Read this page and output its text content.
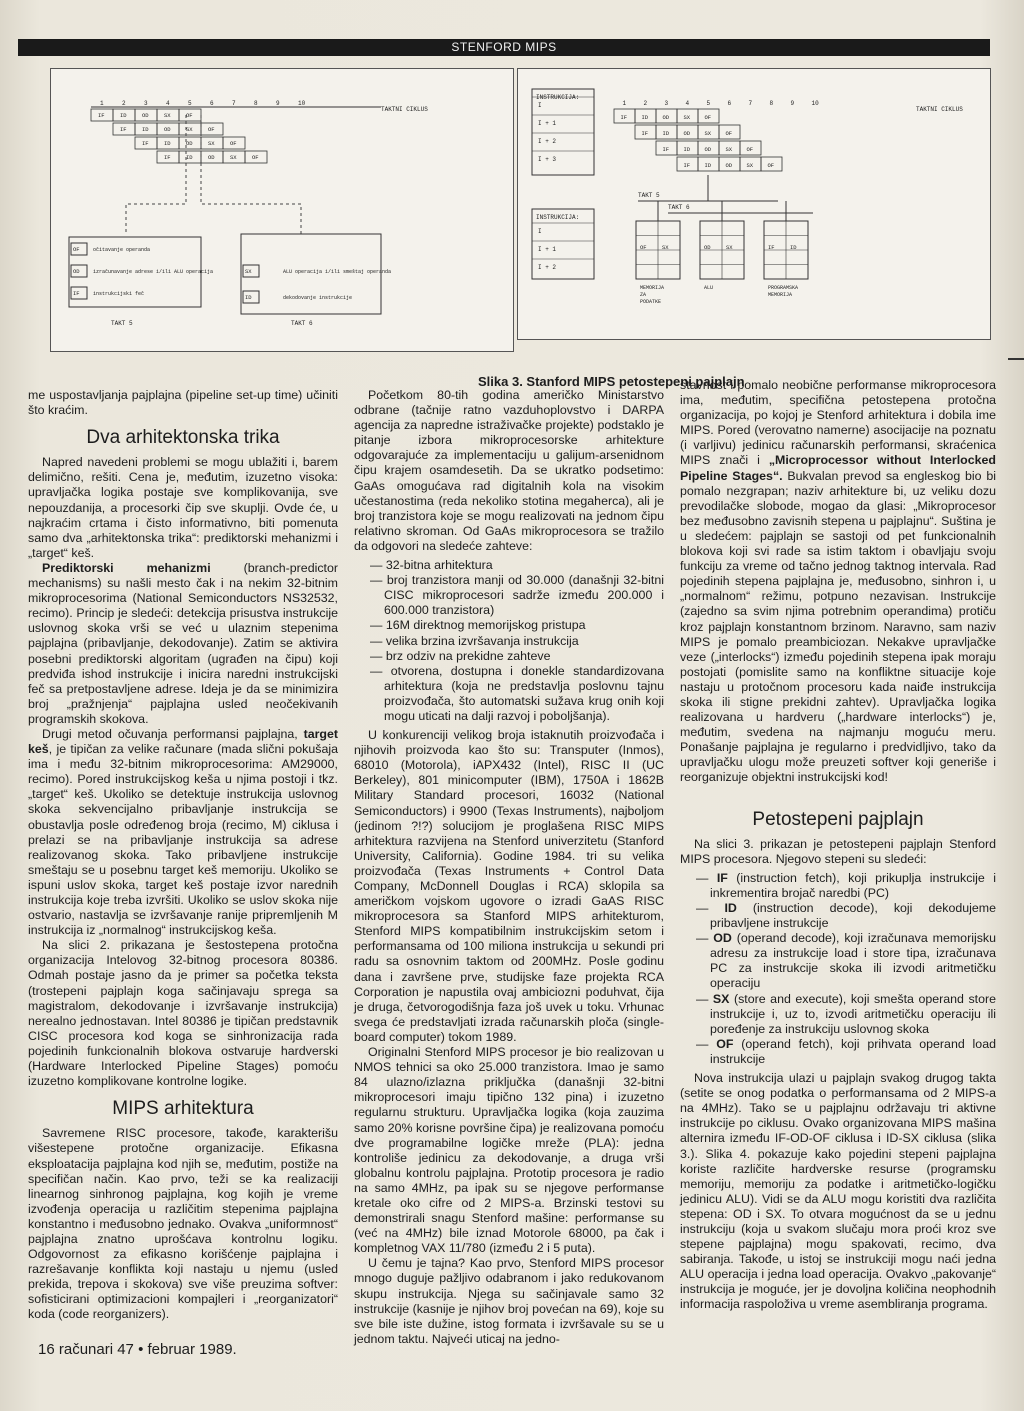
STENFORD MIPS
1	2	3	4	5	6	7	8	9	10
IF	ID	OD	SX	OF
IF	ID	OD	SX	OF
IF	ID	OD	SX	OF
IF	ID	OD	SX	OF
TAKTNI CIKLUS
OF	očitavanje operanda
OD	izračunavanje adrese i/ili ALU operacija
IF	instrukcijski feč
SX	ALU operacija i/ili smeštaj operanda
ID	dekodovanje instrukcije
TAKT 5	TAKT 6
INSTRUKCIJA:
I
I + 1
I + 2
I + 3
1	2	3	4	5	6	7	8	9	10
IF	ID	OD	SX	OF
IF	ID	OD	SX	OF
IF	ID	OD	SX	OF
IF	ID	OD	SX	OF
TAKTNI CIKLUS
TAKT 5
TAKT 6
INSTRUKCIJA:
I
I + 1
I + 2
OF	SX
MEMORIJA
ZA
PODATKE
OD	SX
ALU
IF	ID
PROGRAMSKA
MEMORIJA
Slika 3. Stanford MIPS petostepeni pajplajn

me uspostavljanja pajplajna (pipeline set-up time) učiniti što kraćim.

Dva arhitektonska trika

Napred navedeni problemi se mogu ublažiti i, barem delimično, rešiti. Cena je, međutim, izuzetno visoka: upravljačka logika postaje sve komplikovanija, sve nepouzdanija, a procesorki čip sve skuplji. Ovde će, u najkraćim crtama i čisto informativno, biti pomenuta samo dva „arhitektonska trika“: prediktorski mehanizmi i „target“ keš.

Prediktorski mehanizmi (branch-predictor mechanisms) su našli mesto čak i na nekim 32-bitnim mikroprocesorima (National Semiconductors NS32532, recimo). Princip je sledeći: detekcija prisustva instrukcije uslovnog skoka vrši se već u ulaznim stepenima pajplajna (pribavljanje, dekodovanje). Zatim se aktivira posebni prediktorski algoritam (ugrađen na čipu) koji predviđa ishod instrukcije i inicira naredni instrukcijski feč sa pretpostavljene adrese. Ideja je da se minimizira broj „pražnjenja“ pajplajna usled neočekivanih programskih skokova.

Drugi metod očuvanja performansi pajplajna, target keš, je tipičan za velike računare (mada slični pokušaja ima i među 32-bitnim mikroprocesorima: AM29000, recimo). Pored instrukcijskog keša u njima postoji i tkz. „target“ keš. Ukoliko se detektuje instrukcija uslovnog skoka sekvencijalno pribavljanje instrukcija se obustavlja posle određenog broja (recimo, M) ciklusa i prelazi se na pribavljanje instrukcija sa adrese realizovanog skoka. Tako pribavljene instrukcije smeštaju se u posebnu target keš memoriju. Ukoliko se ispuni uslov skoka, target keš postaje izvor narednih instrukcija koje treba izvršiti. Ukoliko se uslov skoka nije ostvario, nastavlja se izvršavanje ranije pripremljenih M instrukcija iz „normalnog“ instrukcijskog keša.

Na slici 2. prikazana je šestostepena protočna organizacija Intelovog 32-bitnog procesora 80386. Odmah postaje jasno da je primer sa početka teksta (trostepeni pajplajn koga sačinjavaju sprega sa magistralom, dekodovanje i izvršavanje instrukcija) nerealno jednostavan. Intel 80386 je tipičan predstavnik CISC procesora kod koga se sinhronizacija rada pojedinih funkcionalnih blokova ostvaruje hardverski (Hardware Interlocked Pipeline Stages) pomoću izuzetno komplikovane kontrolne logike.

MIPS arhitektura

Savremene RISC procesore, takođe, karakterišu višestepene protočne organizacije. Efikasna eksploatacija pajplajna kod njih se, međutim, postiže na specifičan način. Kao prvo, teži se ka realizaciji linearnog sinhronog pajplajna, kog kojih je vreme izvođenja operacija u različitim stepenima pajplajna konstantno i međusobno jednako. Ovakva „uniformnost“ pajplajna znatno uprošćava kontrolnu logiku. Odgovornost za efikasno korišćenje pajplajna i razrešavanje konflikta koji nastaju u njemu (usled prekida, trepova i skokova) sve više preuzima softver: sofisticirani optimizacioni kompajleri i „reorganizatori“ koda (code reorganizers).

Početkom 80-tih godina američko Ministarstvo odbrane (tačnije ratno vazduhoplovstvo i DARPA agencija za napredne istraživačke projekte) podstaklo je pitanje izbora mikroprocesorske arhitekture odgovarajuće za implementaciju u galijum-arsenidnom čipu krajem osamdesetih. Da se ukratko podsetimo: GaAs omogućava rad digitalnih kola na visokim učestanostima (reda nekoliko stotina megaherca), ali je broj tranzistora koje se mogu realizovati na jednom čipu relativno skroman. Od GaAs mikroprocesora se tražilo da odgovori na sledeće zahteve:

— 32-bitna arhitektura
— broj tranzistora manji od 30.000 (današnji 32-bitni CISC mikroprocesori sadrže između 200.000 i 600.000 tranzistora)
— 16M direktnog memorijskog pristupa
— velika brzina izvršavanja instrukcija
— brz odziv na prekidne zahteve
— otvorena, dostupna i donekle standardizovana arhitektura (koja ne predstavlja poslovnu tajnu proizvođača, što automatski sužava krug onih koji mogu uticati na dalji razvoj i poboljšanja).

U konkurenciji velikog broja istaknutih proizvođača i njihovih proizvoda kao što su: Transputer (Inmos), 68010 (Motorola), iAPX432 (Intel), RISC II (UC Berkeley), 801 minicomputer (IBM), 1750A i 1862B Military Standard procesori, 16032 (National Semiconductors) i 9900 (Texas Instruments), najboljom (jedinom ?!?) solucijom je proglašena RISC MIPS arhitektura razvijena na Stenford univerzitetu (Stanford University, California). Godine 1984. tri su velika proizvođača (Texas Instruments + Control Data Company, McDonnell Douglas i RCA) sklopila sa američkom vojskom ugovore o izradi GaAS RISC mikroprocesora sa Stanford MIPS arhitekturom, Stenford MIPS kompatibilnim instrukcijskim setom i performansama od 100 miliona instrukcija u sekundi pri radu sa osnovnim taktom od 200MHz. Posle godinu dana i završene prve, studijske faze projekta RCA Corporation je napustila ovaj ambiciozni poduhvat, čija je druga, četvorogodišnja faza još uvek u toku. Vrhunac svega će predstavljati izrada računarskih ploča (single-board computer) tokom 1989.

Originalni Stenford MIPS procesor je bio realizovan u NMOS tehnici sa oko 25.000 tranzistora. Imao je samo 84 ulazno/izlazna priključka (današnji 32-bitni mikroprocesori imaju tipično 132 pina) i izuzetno regularnu strukturu. Upravljačka logika (koja zauzima samo 20% korisne površine čipa) je realizovana pomoću dve programabilne logičke mreže (PLA): jedna kontroliše jedinicu za dekodovanje, a druga vrši globalnu kontrolu pajplajna. Prototip procesora je radio na samo 4MHz, pa ipak su se njegove performanse kretale oko cifre od 2 MIPS-a. Brzinski testovi su demonstrirali snagu Stenford mašine: performanse su (već na 4MHz) bile iznad Motorole 68000, pa čak i kompletnog VAX 11/780 (između 2 i 5 puta).

U čemu je tajna? Kao prvo, Stenford MIPS procesor mnogo duguje pažljivo odabranom i jako redukovanom skupu instrukcija. Njega su sačinjavale samo 32 instrukcije (kasnije je njihov broj povećan na 69), koje su sve bile iste dužine, istog formata i izvršavale su se u jednom taktu. Najveći uticaj na jedno-

stavnost i pomalo neobične performanse mikroprocesora ima, međutim, specifična petostepena protočna organizacija, po kojoj je Stenford arhitektura i dobila ime MIPS. Pored (verovatno namerne) asocijacije na poznatu (i varljivu) jedinicu računarskih performansi, skraćenica MIPS znači i „Microprocessor without Interlocked Pipeline Stages“. Bukvalan prevod sa engleskog bio bi pomalo nezgrapan; naziv arhitekture bi, uz veliku dozu prevodilačke slobode, mogao da glasi: „Mikroprocesor bez međusobno zavisnih stepena u pajplajnu“. Suština je u sledećem: pajplajn se sastoji od pet funkcionalnih blokova koji svi rade sa istim taktom i obavljaju svoju funkciju za vreme od tačno jednog taktnog intervala. Rad pojedinih stepena pajplajna je, međusobno, sinhron i, u „normalnom“ režimu, potpuno nezavisan. Instrukcije (zajedno sa svim njima potrebnim operandima) protiču kroz pajplajn konstantnom brzinom. Naravno, sam naziv MIPS je pomalo preambiciozan. Nekakve upravljačke veze („interlocks“) između pojedinih stepena ipak moraju postojati (pomislite samo na konfliktne situacije koje nastaju u protočnom procesoru kada naiđe instrukcija skoka ili stigne prekidni zahtev). Upravljačka logika realizovana u hardveru („hardware interlocks“) je, međutim, svedena na najmanju moguću meru. Ponašanje pajplajna je regularno i predvidljivo, tako da upravljačku ulogu može preuzeti softver koji generiše i reorganizuje objektni instrukcijski kod!

Petostepeni pajplajn

Na slici 3. prikazan je petostepeni pajplajn Stenford MIPS procesora. Njegovo stepeni su sledeći:

— IF (instruction fetch), koji prikuplja instrukcije i inkrementira brojač naredbi (PC)
— ID (instruction decode), koji dekodujeme pribavljene instrukcije
— OD (operand decode), koji izračunava memorijsku adresu za instrukcije load i store tipa, izračunava PC za instrukcije skoka ili izvodi aritmetičku operaciju
— SX (store and execute), koji smešta operand store instrukcije i, uz to, izvodi aritmetičku operaciju ili poređenje za instrukciju uslovnog skoka
— OF (operand fetch), koji prihvata operand load instrukcije

Nova instrukcija ulazi u pajplajn svakog drugog takta (setite se onog podatka o performansama od 2 MIPS-a na 4MHz). Tako se u pajplajnu održavaju tri aktivne instrukcije po ciklusu. Ovako organizovana MIPS mašina alternira između IF-OD-OF ciklusa i ID-SX ciklusa (slika 3.). Slika 4. pokazuje kako pojedini stepeni pajplajna koriste različite hardverske resurse (programsku memoriju, memoriju za podatke i aritmetičko-logičku jedinicu ALU). Vidi se da ALU mogu koristiti dva različita stepena: OD i SX. To otvara mogućnost da se u jednu instrukciju (koja u svakom slučaju mora proći kroz sve stepene pajplajna) mogu spakovati, recimo, dva sabiranja. Takođe, u istoj se instrukciji mogu naći jedna ALU operacija i jedna load operacija. Ovakvo „pakovanje“ instrukcija je moguće, jer je dovoljna količina neophodnih informacija raspoloživa u vreme asembliranja programa.

16 računari 47 • februar 1989.
